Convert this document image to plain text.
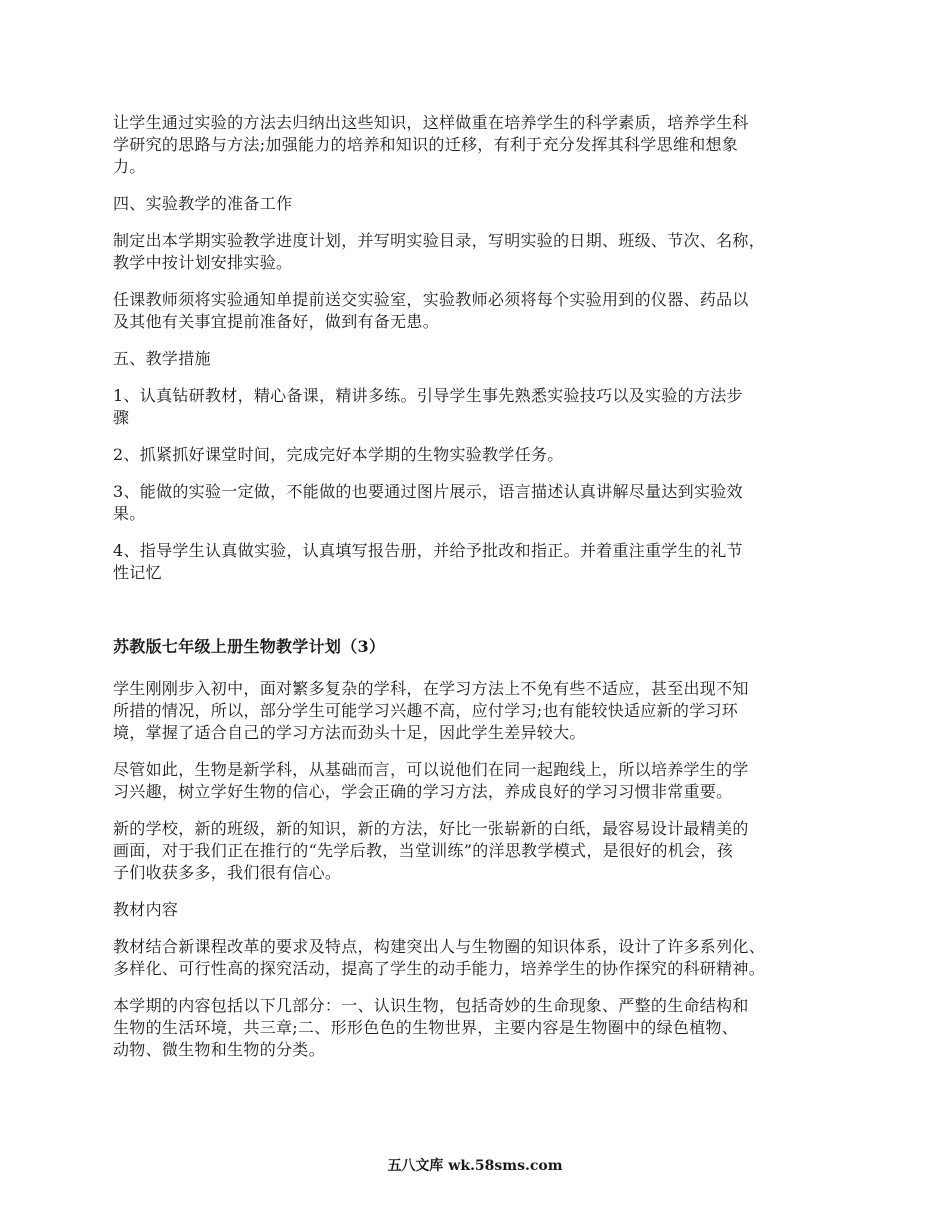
让学生通过实验的方法去归纳出这些知识，这样做重在培养学生的科学素质，培养学生科
学研究的思路与方法;加强能力的培养和知识的迁移，有利于充分发挥其科学思维和想象
力。

四、实验教学的准备工作

制定出本学期实验教学进度计划，并写明实验目录，写明实验的日期、班级、节次、名称，
教学中按计划安排实验。

任课教师须将实验通知单提前送交实验室，实验教师必须将每个实验用到的仪器、药品以
及其他有关事宜提前准备好，做到有备无患。

五、教学措施

1、认真钻研教材，精心备课，精讲多练。引导学生事先熟悉实验技巧以及实验的方法步
骤

2、抓紧抓好课堂时间，完成完好本学期的生物实验教学任务。

3、能做的实验一定做，不能做的也要通过图片展示，语言描述认真讲解尽量达到实验效
果。

4、指导学生认真做实验，认真填写报告册，并给予批改和指正。并着重注重学生的礼节
性记忆

苏教版七年级上册生物教学计划（3）

学生刚刚步入初中，面对繁多复杂的学科，在学习方法上不免有些不适应，甚至出现不知
所措的情况，所以，部分学生可能学习兴趣不高，应付学习;也有能较快适应新的学习环
境，掌握了适合自己的学习方法而劲头十足，因此学生差异较大。

尽管如此，生物是新学科，从基础而言，可以说他们在同一起跑线上，所以培养学生的学
习兴趣，树立学好生物的信心，学会正确的学习方法，养成良好的学习习惯非常重要。

新的学校，新的班级，新的知识，新的方法，好比一张崭新的白纸，最容易设计最精美的
画面，对于我们正在推行的“先学后教，当堂训练”的洋思教学模式，是很好的机会，孩
子们收获多多，我们很有信心。

教材内容

教材结合新课程改革的要求及特点，构建突出人与生物圈的知识体系，设计了许多系列化、
多样化、可行性高的探究活动，提高了学生的动手能力，培养学生的协作探究的科研精神。

本学期的内容包括以下几部分：一、认识生物，包括奇妙的生命现象、严整的生命结构和
生物的生活环境，共三章;二、形形色色的生物世界，主要内容是生物圈中的绿色植物、
动物、微生物和生物的分类。

五八文库 wk.58sms.com
